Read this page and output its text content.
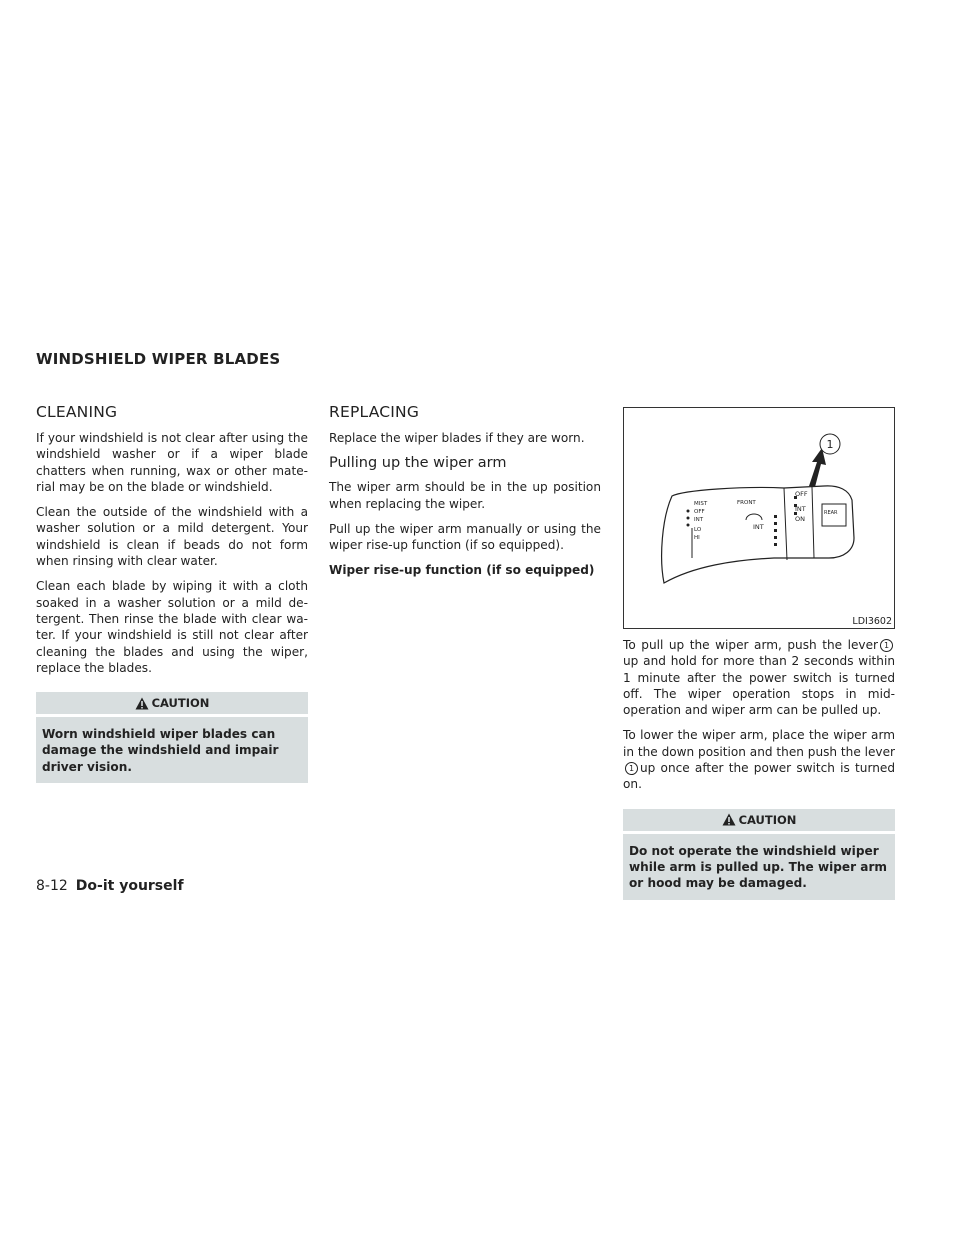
WINDSHIELD WIPER BLADES
CLEANING

If your windshield is not clear after using the windshield washer or if a wiper blade chatters when running, wax or other mate-rial may be on the blade or windshield.

Clean the outside of the windshield with a washer solution or a mild detergent. Your windshield is clean if beads do not form when rinsing with clear water.

Clean each blade by wiping it with a cloth soaked in a washer solution or a mild de-tergent. Then rinse the blade with clear wa-ter. If your windshield is still not clear after cleaning the blades and using the wiper, replace the blades.

CAUTION
Worn windshield wiper blades can damage the windshield and impair driver vision.
REPLACING

Replace the wiper blades if they are worn.

Pulling up the wiper arm

The wiper arm should be in the up position when replacing the wiper.

Pull up the wiper arm manually or using the wiper rise-up function (if so equipped).

Wiper rise-up function (if so equipped)

MIST
OFF
INT
LO
HI
FRONT
INT
OFF
INT
ON
REAR
1
LDI3602

To pull up the wiper arm, push the lever 1up and hold for more than 2 seconds within 1 minute after the power switch is turned off. The wiper operation stops in mid-operation and wiper arm can be pulled up.

To lower the wiper arm, place the wiper arm in the down position and then push the lever1 up once after the power switch is turned on.

CAUTION
Do not operate the windshield wiper while arm is pulled up. The wiper arm or hood may be damaged.
8-12 Do-it yourself
